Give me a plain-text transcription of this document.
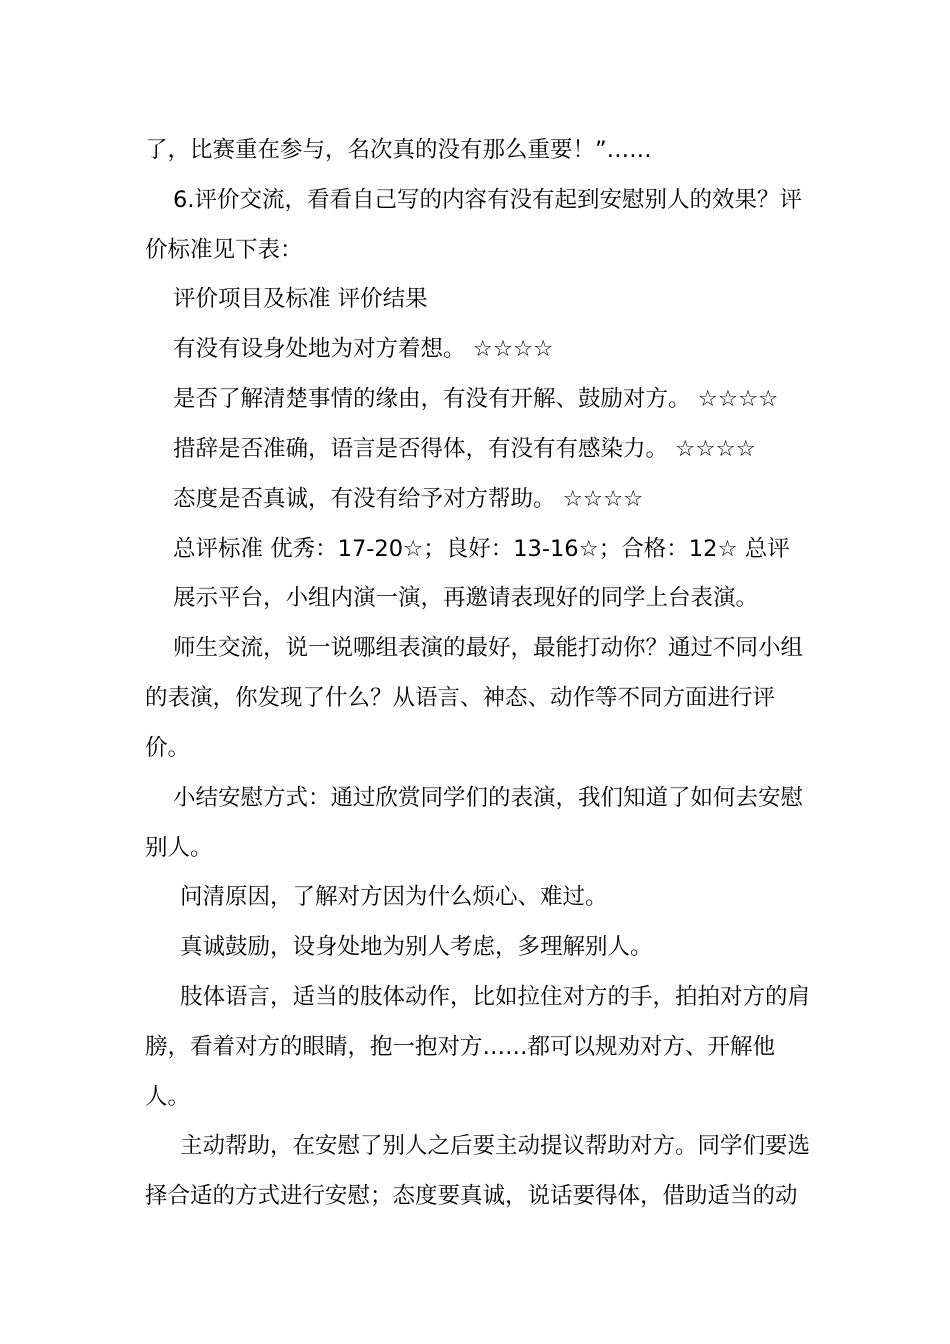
了，比赛重在参与，名次真的没有那么重要！”……
6.评价交流，看看自己写的内容有没有起到安慰别人的效果？评
价标准见下表：
评价项目及标准 评价结果
有没有设身处地为对方着想。 ☆☆☆☆
是否了解清楚事情的缘由，有没有开解、鼓励对方。 ☆☆☆☆
措辞是否准确，语言是否得体，有没有有感染力。 ☆☆☆☆
态度是否真诚，有没有给予对方帮助。 ☆☆☆☆
总评标准 优秀：17-20☆；良好：13-16☆；合格：12☆ 总评
展示平台，小组内演一演，再邀请表现好的同学上台表演。
师生交流，说一说哪组表演的最好，最能打动你？通过不同小组
的表演，你发现了什么？从语言、神态、动作等不同方面进行评
价。
小结安慰方式：通过欣赏同学们的表演，我们知道了如何去安慰
别人。
问清原因，了解对方因为什么烦心、难过。
真诚鼓励，设身处地为别人考虑，多理解别人。
肢体语言，适当的肢体动作，比如拉住对方的手，拍拍对方的肩
膀，看着对方的眼睛，抱一抱对方……都可以规劝对方、开解他
人。
主动帮助，在安慰了别人之后要主动提议帮助对方。同学们要选
择合适的方式进行安慰；态度要真诚，说话要得体，借助适当的动
